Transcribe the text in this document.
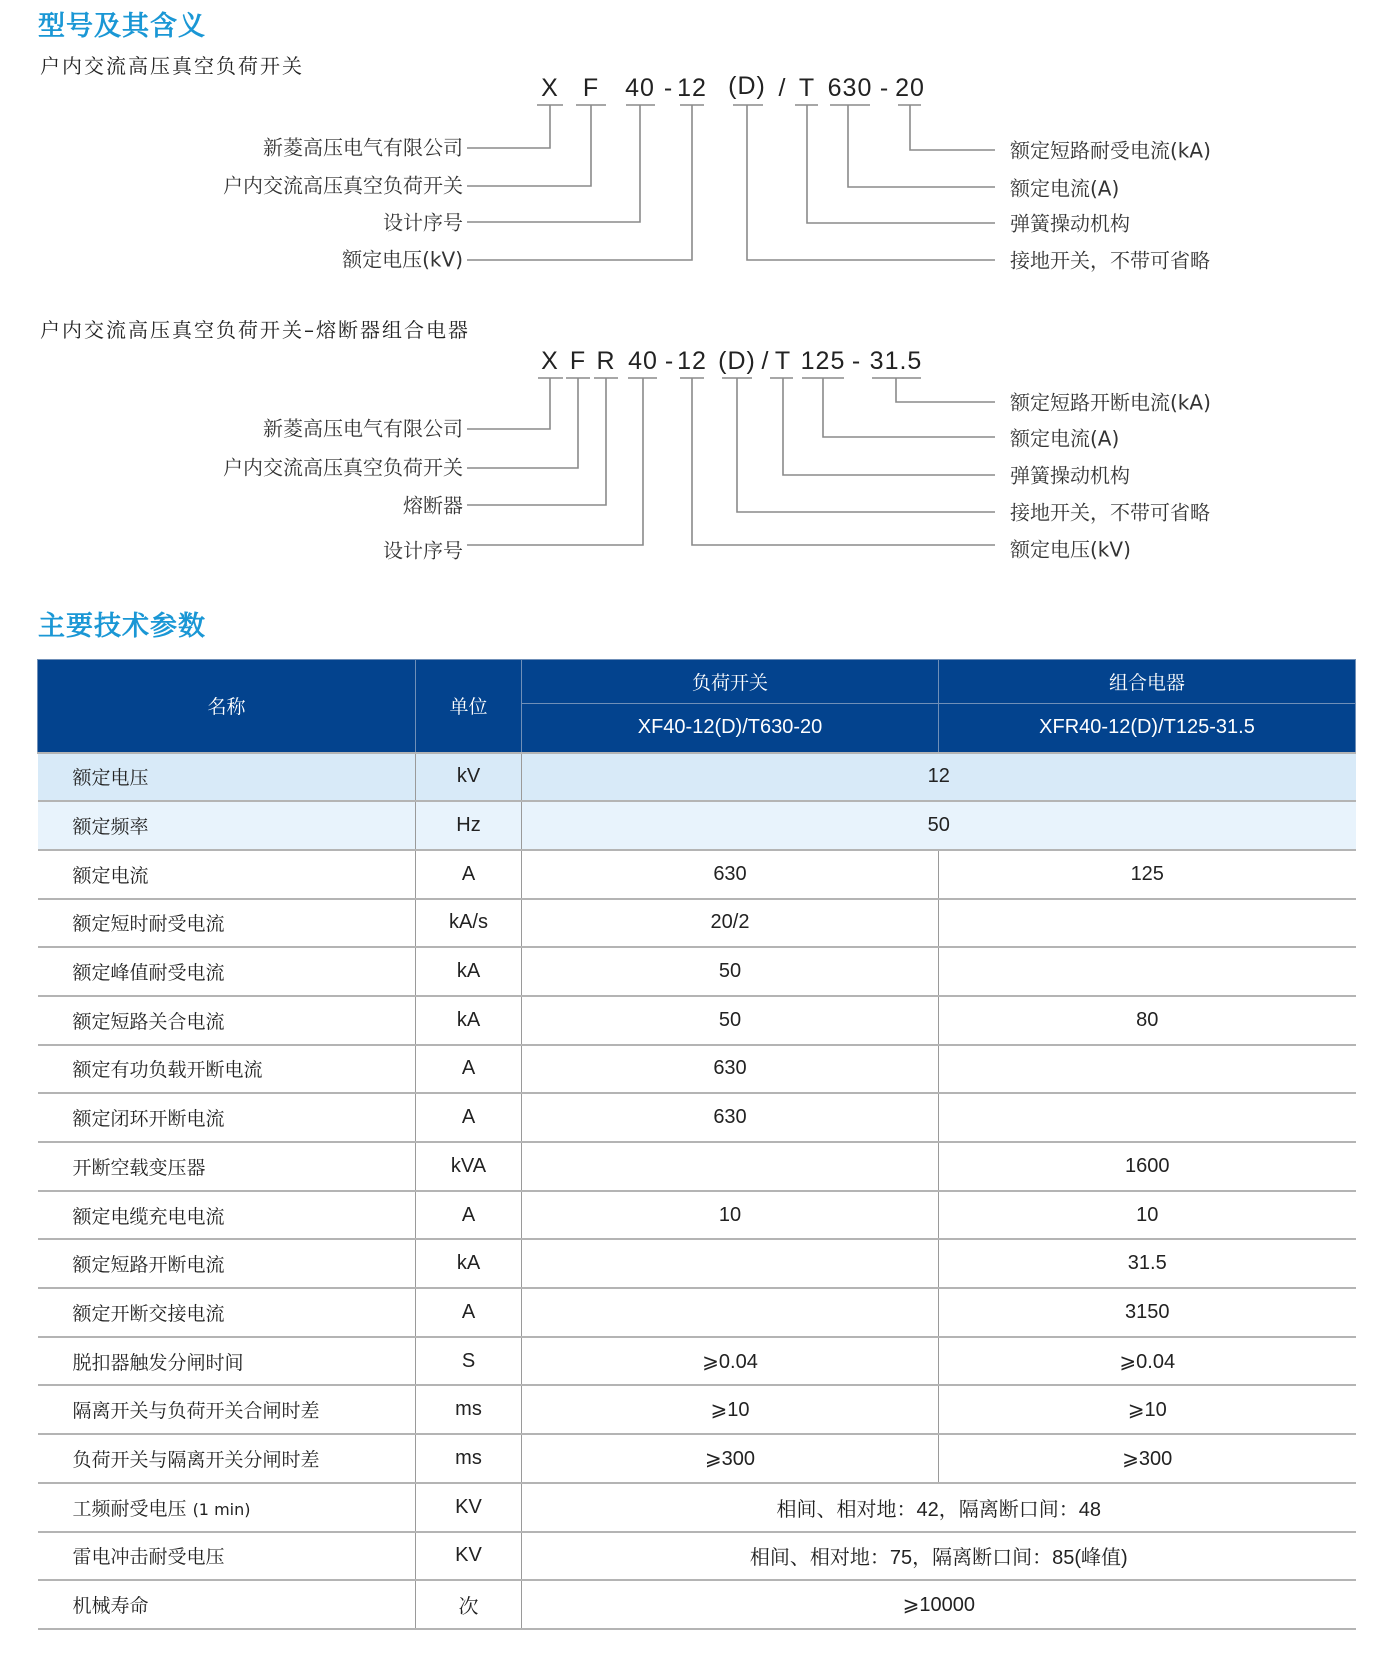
型号及其含义
户内交流高压真空负荷开关
X F 40 - 12 (D) / T 630 - 20
新菱高压电气有限公司
户内交流高压真空负荷开关
设计序号
额定电压(kV)
额定短路耐受电流(kA)
额定电流(A)
弹簧操动机构
接地开关，不带可省略
户内交流高压真空负荷开关–熔断器组合电器
X F R 40 - 12 (D) / T 125 - 31.5
新菱高压电气有限公司
户内交流高压真空负荷开关
熔断器
设计序号
额定短路开断电流(kA)
额定电流(A)
弹簧操动机构
接地开关，不带可省略
额定电压(kV)
主要技术参数
名称	单位	负荷开关	组合电器
		XF40-12(D)/T630-20	XFR40-12(D)/T125-31.5
额定电压	kV	12	
额定频率	Hz	50	
额定电流	A	630	125
额定短时耐受电流	kA/s	20/2	
额定峰值耐受电流	kA	50	
额定短路关合电流	kA	50	80
额定有功负载开断电流	A	630	
额定闭环开断电流	A	630	
开断空载变压器	kVA		1600
额定电缆充电电流	A	10	10
额定短路开断电流	kA		31.5
额定开断交接电流	A		3150
脱扣器触发分闸时间	S	⩾0.04	⩾0.04
隔离开关与负荷开关合闸时差	ms	⩾10	⩾10
负荷开关与隔离开关分闸时差	ms	⩾300	⩾300
工频耐受电压 (1 min)	KV	相间、相对地：42，隔离断口间：48	
雷电冲击耐受电压	KV	相间、相对地：75，隔离断口间：85(峰值)	
机械寿命	次	⩾10000	
